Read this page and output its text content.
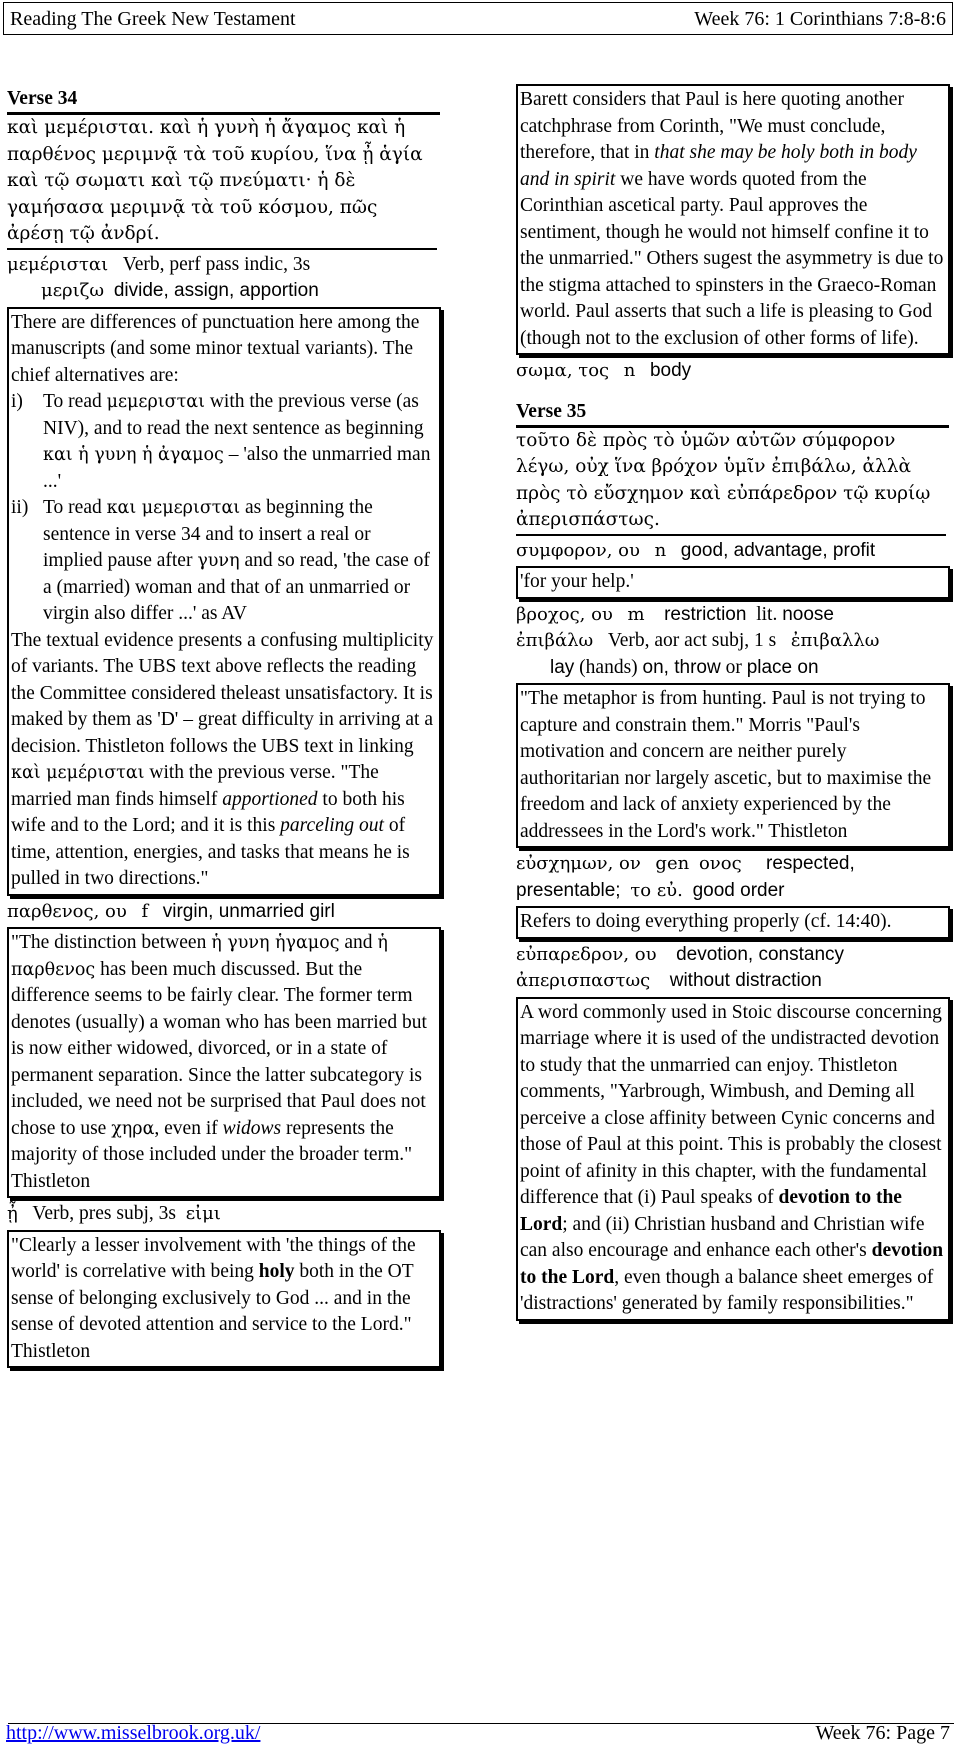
Reading The Greek New Testament	Week 76: 1 Corinthians 7:8-8:6
Verse 34
καὶ μεμέρισται. καὶ ἡ γυνὴ ἡ ἄγαμος καὶ ἡ παρθένος μεριμνᾷ τὰ τοῦ κυρίου, ἵνα ᾖ ἁγία καὶ τῷ σωματι καὶ τῷ πνεύματι· ἡ δὲ γαμήσασα μεριμνᾷ τὰ τοῦ κόσμου, πῶς ἀρέσῃ τῷ ἀνδρί.
μεμέρισται Verb, perf pass indic, 3s
μεριζω divide, assign, apportion
There are differences of punctuation here among the manuscripts (and some minor textual variants). The chief alternatives are:
i) To read μεμερισται with the previous verse (as NIV), and to read the next sentence as beginning και ἡ γυνη ἡ ἀγαμος – 'also the unmarried man ...'
ii) To read και μεμερισται as beginning the sentence in verse 34 and to insert a real or implied pause after γυνη and so read, 'the case of a (married) woman and that of an unmarried or virgin also differ ...' as AV
The textual evidence presents a confusing multiplicity of variants. The UBS text above reflects the reading the Committee considered theleast unsatisfactory. It is maked by them as 'D' – great difficulty in arriving at a decision. Thistleton follows the UBS text in linking καὶ μεμέρισται with the previous verse. "The married man finds himself apportioned to both his wife and to the Lord; and it is this parceling out of time, attention, energies, and tasks that means he is pulled in two directions."
παρθενος, ου f virgin, unmarried girl
"The distinction between ἡ γυνη ἡγαμος and ἡ παρθενος has been much discussed. But the difference seems to be fairly clear. The former term denotes (usually) a woman who has been married but is now either widowed, divorced, or in a state of permanent separation. Since the latter subcategory is included, we need not be surprised that Paul does not chose to use χηρα, even if widows represents the majority of those included under the broader term." Thistleton
ᾖ Verb, pres subj, 3s εἰμι
"Clearly a lesser involvement with 'the things of the world' is correlative with being holy both in the OT sense of belonging exclusively to God ... and in the sense of devoted attention and service to the Lord." Thistleton
Barett considers that Paul is here quoting another catchphrase from Corinth, "We must conclude, therefore, that in that she may be holy both in body and in spirit we have words quoted from the Corinthian ascetical party. Paul approves the sentiment, though he would not himself confine it to the unmarried." Others sugest the asymmetry is due to the stigma attached to spinsters in the Graeco-Roman world. Paul asserts that such a life is pleasing to God (though not to the exclusion of other forms of life).
σωμα, τος n body
Verse 35
τοῦτο δὲ πρὸς τὸ ὑμῶν αὐτῶν σύμφορον λέγω, οὐχ ἵνα βρόχον ὑμῖν ἐπιβάλω, ἀλλὰ πρὸς τὸ εὔσχημον καὶ εὐπάρεδρον τῷ κυρίῳ ἀπερισπάστως.
συμφορον, ου n good, advantage, profit
'for your help.'
βροχος, ου m restriction lit. noose
ἐπιβάλω Verb, aor act subj, 1 s ἐπιβαλλω
lay (hands) on, throw or place on
"The metaphor is from hunting. Paul is not trying to capture and constrain them." Morris "Paul's motivation and concern are neither purely authoritarian nor largely ascetic, but to maximise the freedom and lack of anxiety experienced by the addressees in the Lord's work." Thistleton
εὐσχημων, ον gen ονος respected, presentable; το εὐ. good order
Refers to doing everything properly (cf. 14:40).
εὐπαρεδρον, ου devotion, constancy
ἀπερισπαστως without distraction
A word commonly used in Stoic discourse concerning marriage where it is used of the undistracted devotion to study that the unmarried can enjoy. Thistleton comments, "Yarbrough, Wimbush, and Deming all perceive a close affinity between Cynic concerns and those of Paul at this point. This is probably the closest point of afinity in this chapter, with the fundamental difference that (i) Paul speaks of devotion to the Lord; and (ii) Christian husband and Christian wife can also encourage and enhance each other's devotion to the Lord, even though a balance sheet emerges of 'distractions' generated by family responsibilities."
http://www.misselbrook.org.uk/	Week 76: Page 7
